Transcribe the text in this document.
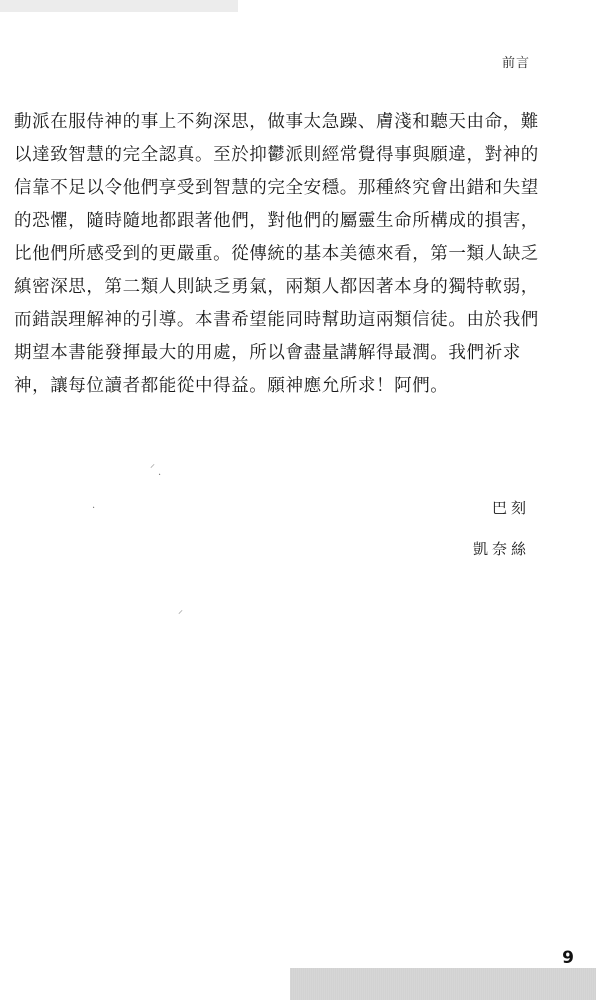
前言
動派在服侍神的事上不夠深思，做事太急躁、膚淺和聽天由命，難
以達致智慧的完全認真。至於抑鬱派則經常覺得事與願違，對神的
信靠不足以令他們享受到智慧的完全安穩。那種終究會出錯和失望
的恐懼，隨時隨地都跟著他們，對他們的屬靈生命所構成的損害，
比他們所感受到的更嚴重。從傳統的基本美德來看，第一類人缺乏
縝密深思，第二類人則缺乏勇氣，兩類人都因著本身的獨特軟弱，
而錯誤理解神的引導。本書希望能同時幫助這兩類信徒。由於我們
期望本書能發揮最大的用處，所以會盡量講解得最潤。我們祈求
神，讓每位讀者都能從中得益。願神應允所求！阿們。
⸝
·
·
⸝
巴刻
凱奈絲
9
